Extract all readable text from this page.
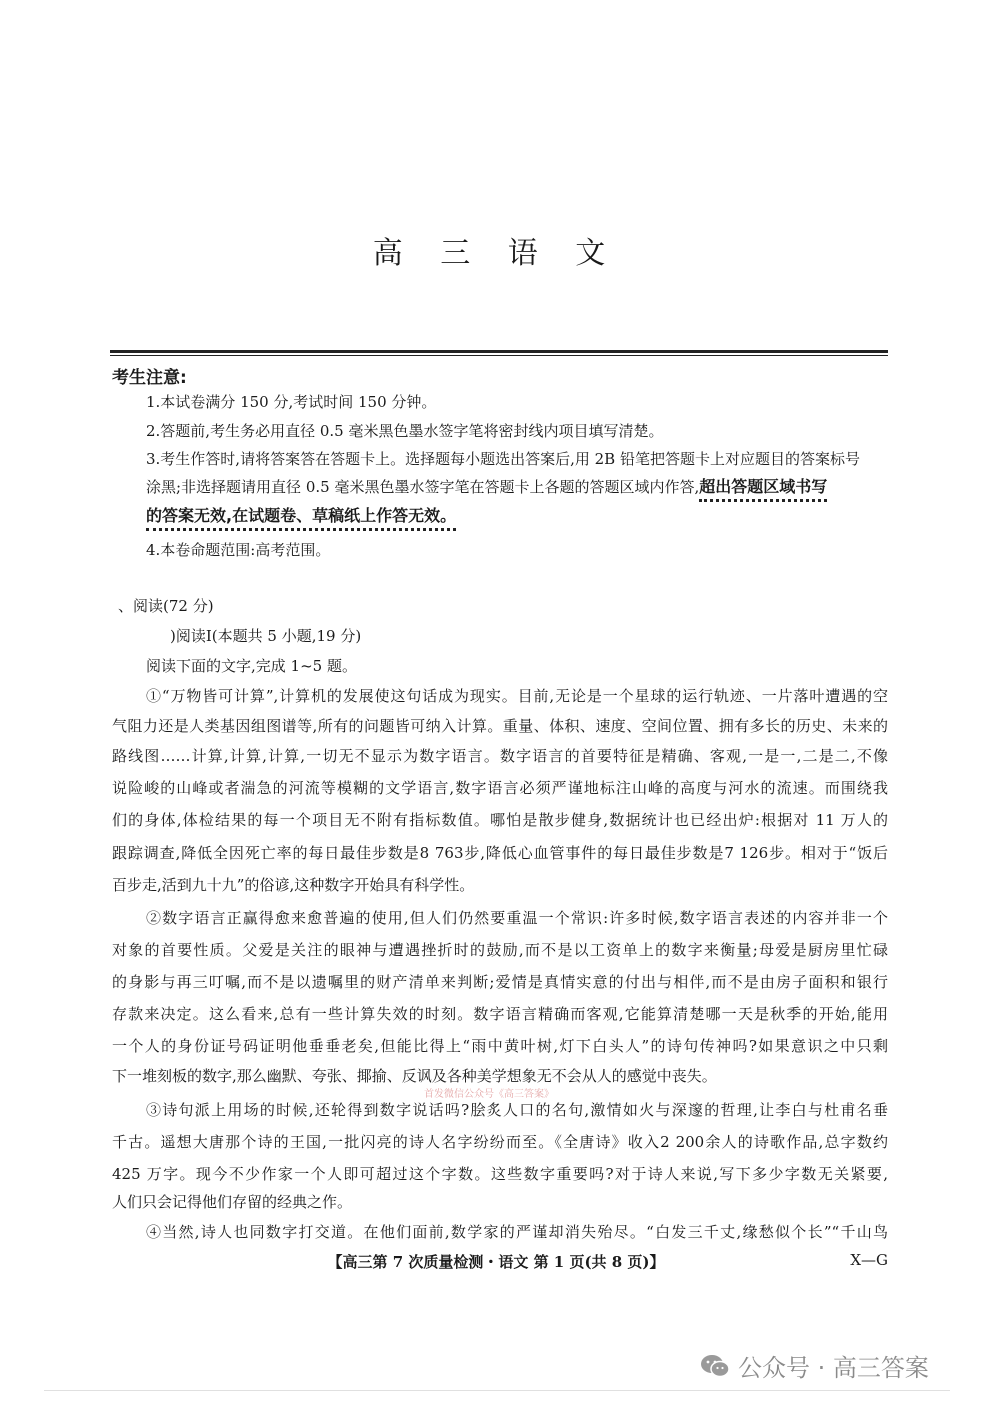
高 三 语 文
考生注意:
1.本试卷满分 150 分,考试时间 150 分钟。
2.答题前,考生务必用直径 0.5 毫米黑色墨水签字笔将密封线内项目填写清楚。
3.考生作答时,请将答案答在答题卡上。选择题每小题选出答案后,用 2B 铅笔把答题卡上对应题目的答案标号
涂黑;非选择题请用直径 0.5 毫米黑色墨水签字笔在答题卡上各题的答题区域内作答,超出答题区域书写
的答案无效,在试题卷、草稿纸上作答无效。
4.本卷命题范围:高考范围。
、阅读(72 分)
)阅读Ⅰ(本题共 5 小题,19 分)
阅读下面的文字,完成 1~5 题。
①“万物皆可计算”,计算机的发展使这句话成为现实。目前,无论是一个星球的运行轨迹、一片落叶遭遇的空
气阻力还是人类基因组图谱等,所有的问题皆可纳入计算。重量、体积、速度、空间位置、拥有多长的历史、未来的
路线图……计算,计算,计算,一切无不显示为数字语言。数字语言的首要特征是精确、客观,一是一,二是二,不像
说险峻的山峰或者湍急的河流等模糊的文学语言,数字语言必须严谨地标注山峰的高度与河水的流速。而围绕我
们的身体,体检结果的每一个项目无不附有指标数值。哪怕是散步健身,数据统计也已经出炉:根据对 11 万人的
跟踪调查,降低全因死亡率的每日最佳步数是8 763步,降低心血管事件的每日最佳步数是7 126步。相对于“饭后
百步走,活到九十九”的俗谚,这种数字开始具有科学性。
②数字语言正赢得愈来愈普遍的使用,但人们仍然要重温一个常识:许多时候,数字语言表述的内容并非一个
对象的首要性质。父爱是关注的眼神与遭遇挫折时的鼓励,而不是以工资单上的数字来衡量;母爱是厨房里忙碌
的身影与再三叮嘱,而不是以遗嘱里的财产清单来判断;爱情是真情实意的付出与相伴,而不是由房子面积和银行
存款来决定。这么看来,总有一些计算失效的时刻。数字语言精确而客观,它能算清楚哪一天是秋季的开始,能用
一个人的身份证号码证明他垂垂老矣,但能比得上“雨中黄叶树,灯下白头人”的诗句传神吗?如果意识之中只剩
下一堆刻板的数字,那么幽默、夸张、揶揄、反讽及各种美学想象无不会从人的感觉中丧失。
首发微信公众号《高三答案》
③诗句派上用场的时候,还轮得到数字说话吗?脍炙人口的名句,激情如火与深邃的哲理,让李白与杜甫名垂
千古。遥想大唐那个诗的王国,一批闪亮的诗人名字纷纷而至。《全唐诗》收入2 200余人的诗歌作品,总字数约
425 万字。现今不少作家一个人即可超过这个字数。这些数字重要吗?对于诗人来说,写下多少字数无关紧要,
人们只会记得他们存留的经典之作。
④当然,诗人也同数字打交道。在他们面前,数学家的严谨却消失殆尽。“白发三千丈,缘愁似个长”“千山鸟
【高三第 7 次质量检测・语文 第 1 页(共 8 页)】	X—G
公众号 · 高三答案
